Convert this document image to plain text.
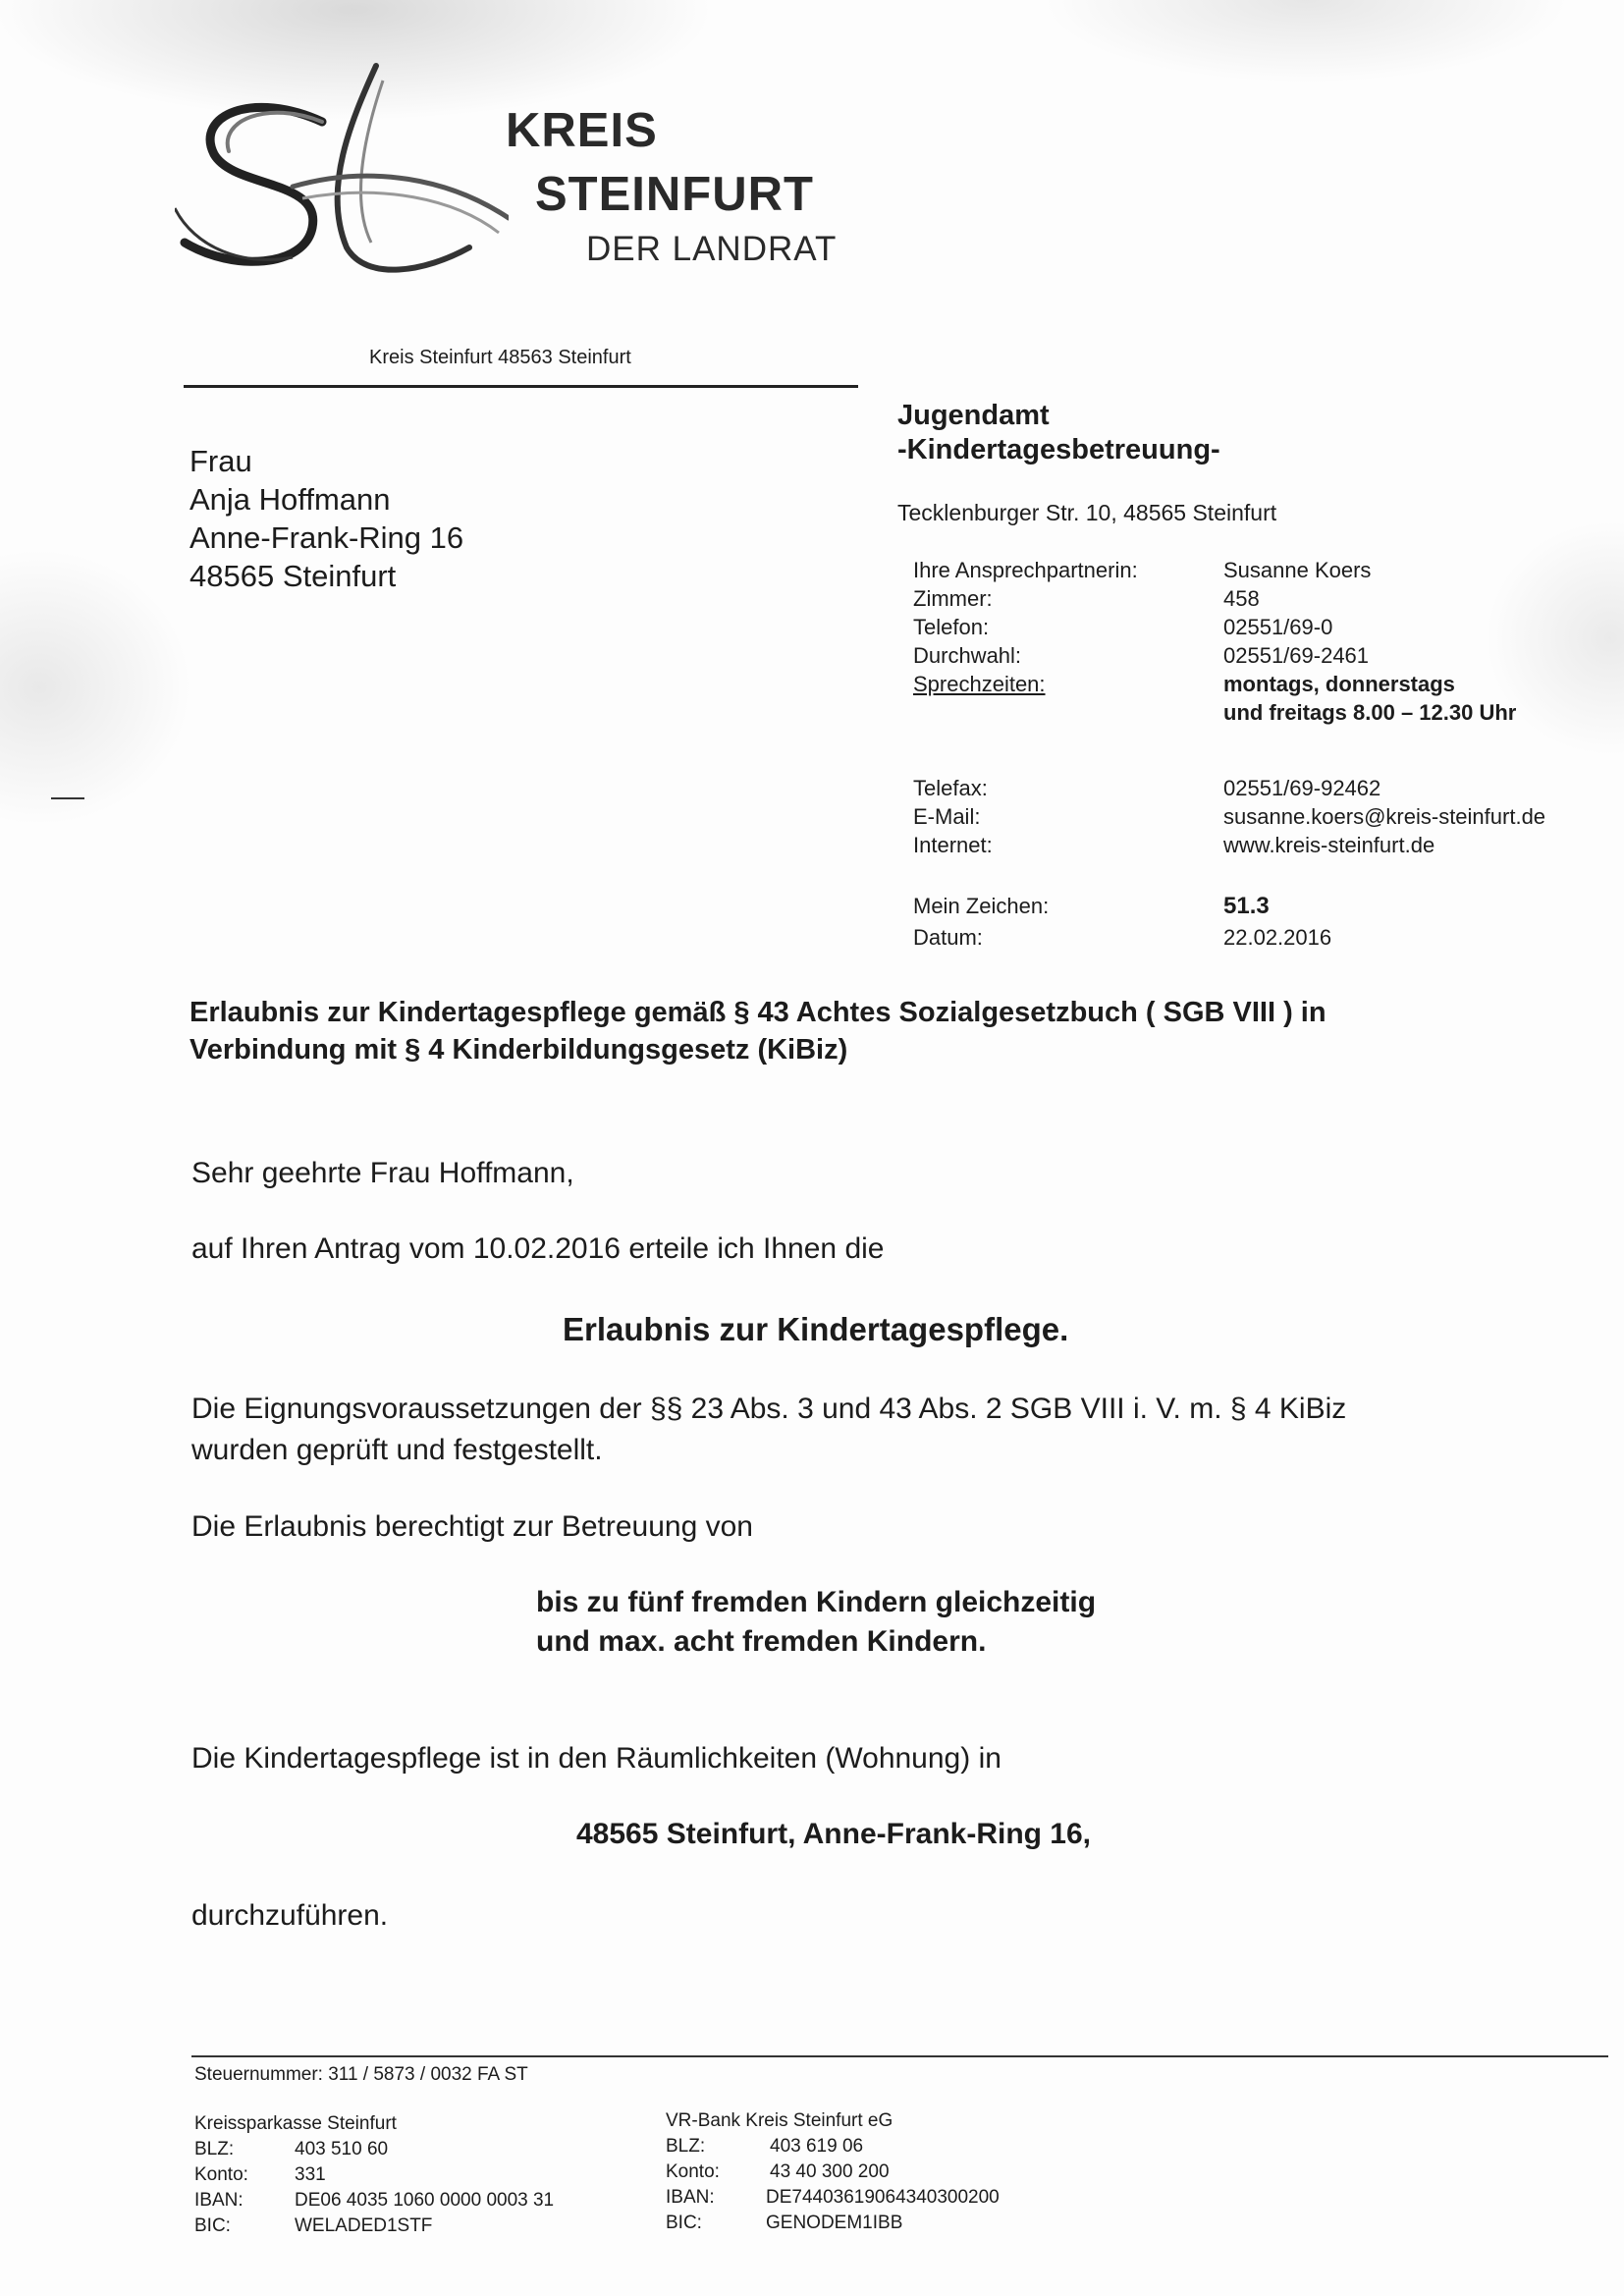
KREIS
STEINFURT
DER LANDRAT
Kreis Steinfurt 48563 Steinfurt
Frau
Anja Hoffmann
Anne-Frank-Ring 16
48565 Steinfurt
Jugendamt
-Kindertagesbetreuung-
Tecklenburger Str. 10, 48565 Steinfurt
Ihre Ansprechpartnerin:	Susanne Koers
Zimmer:	458
Telefon:	02551/69-0
Durchwahl:	02551/69-2461
Sprechzeiten:	montags, donnerstags
und freitags 8.00 – 12.30 Uhr
Telefax:	02551/69-92462
E-Mail:	susanne.koers@kreis-steinfurt.de
Internet:	www.kreis-steinfurt.de
Mein Zeichen:	51.3
Datum:	22.02.2016
Erlaubnis zur Kindertagespflege gemäß § 43 Achtes Sozialgesetzbuch ( SGB VIII ) in
Verbindung mit § 4 Kinderbildungsgesetz (KiBiz)
Sehr geehrte Frau Hoffmann,
auf Ihren Antrag vom 10.02.2016 erteile ich Ihnen die
Erlaubnis zur Kindertagespflege.
Die Eignungsvoraussetzungen der §§ 23 Abs. 3 und 43 Abs. 2 SGB VIII i. V. m. § 4 KiBiz
wurden geprüft und festgestellt.
Die Erlaubnis berechtigt zur Betreuung von
bis zu fünf fremden Kindern gleichzeitig
und max. acht fremden Kindern.
Die Kindertagespflege ist in den Räumlichkeiten (Wohnung) in
48565 Steinfurt, Anne-Frank-Ring 16,
durchzuführen.
Steuernummer: 311 / 5873 / 0032 FA ST
Kreissparkasse Steinfurt
BLZ:	403 510 60
Konto: 331
IBAN:	DE06 4035 1060 0000 0003 31
BIC:	WELADED1STF
VR-Bank Kreis Steinfurt eG
BLZ:	403 619 06
Konto:	43 40 300 200
IBAN:	DE74403619064340300200
BIC:	GENODEM1IBB
